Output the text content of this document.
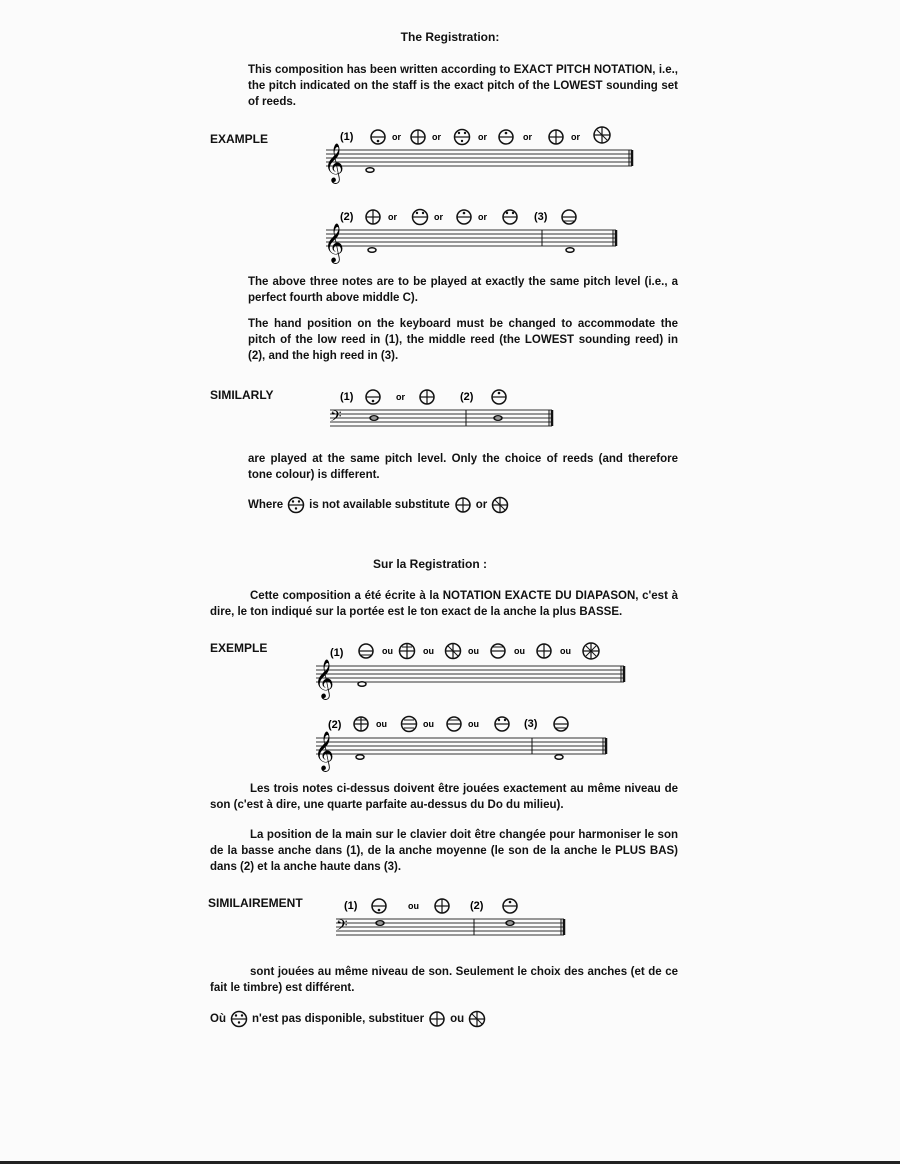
The Registration:
This composition has been written according to EXACT PITCH NOTATION, i.e., the pitch indicated on the staff is the exact pitch of the LOWEST sounding set of reeds.
EXAMPLE	(1)	or	or	or	or	or
𝄞
(2)	or	or	or	(3)
𝄞
The above three notes are to be played at exactly the same pitch level (i.e., a perfect fourth above middle C).
The hand position on the keyboard must be changed to accommodate the pitch of the low reed in (1), the middle reed (the LOWEST sounding reed) in (2), and the high reed in (3).
SIMILARLY	(1)	or	(2)
𝄢
are played at the same pitch level. Only the choice of reeds (and therefore tone colour) is different.
Where is not available substitute or
Sur la Registration :
Cette composition a été écrite à la NOTATION EXACTE DU DIAPASON, c'est à dire, le ton indiqué sur la portée est le ton exact de la anche la plus BASSE.
EXEMPLE	(1)	ou	ou	ou	ou	ou
𝄞
(2)	ou	ou	ou	(3)
𝄞
Les trois notes ci-dessus doivent être jouées exactement au même niveau de son (c'est à dire, une quarte parfaite au-dessus du Do du milieu).
La position de la main sur le clavier doit être changée pour harmoniser le son de la basse anche dans (1), de la anche moyenne (le son de la anche le PLUS BAS) dans (2) et la anche haute dans (3).
SIMILAIREMENT	(1)	ou	(2)
𝄢
sont jouées au même niveau de son. Seulement le choix des anches (et de ce fait le timbre) est différent.
Où n'est pas disponible, substituer ou
